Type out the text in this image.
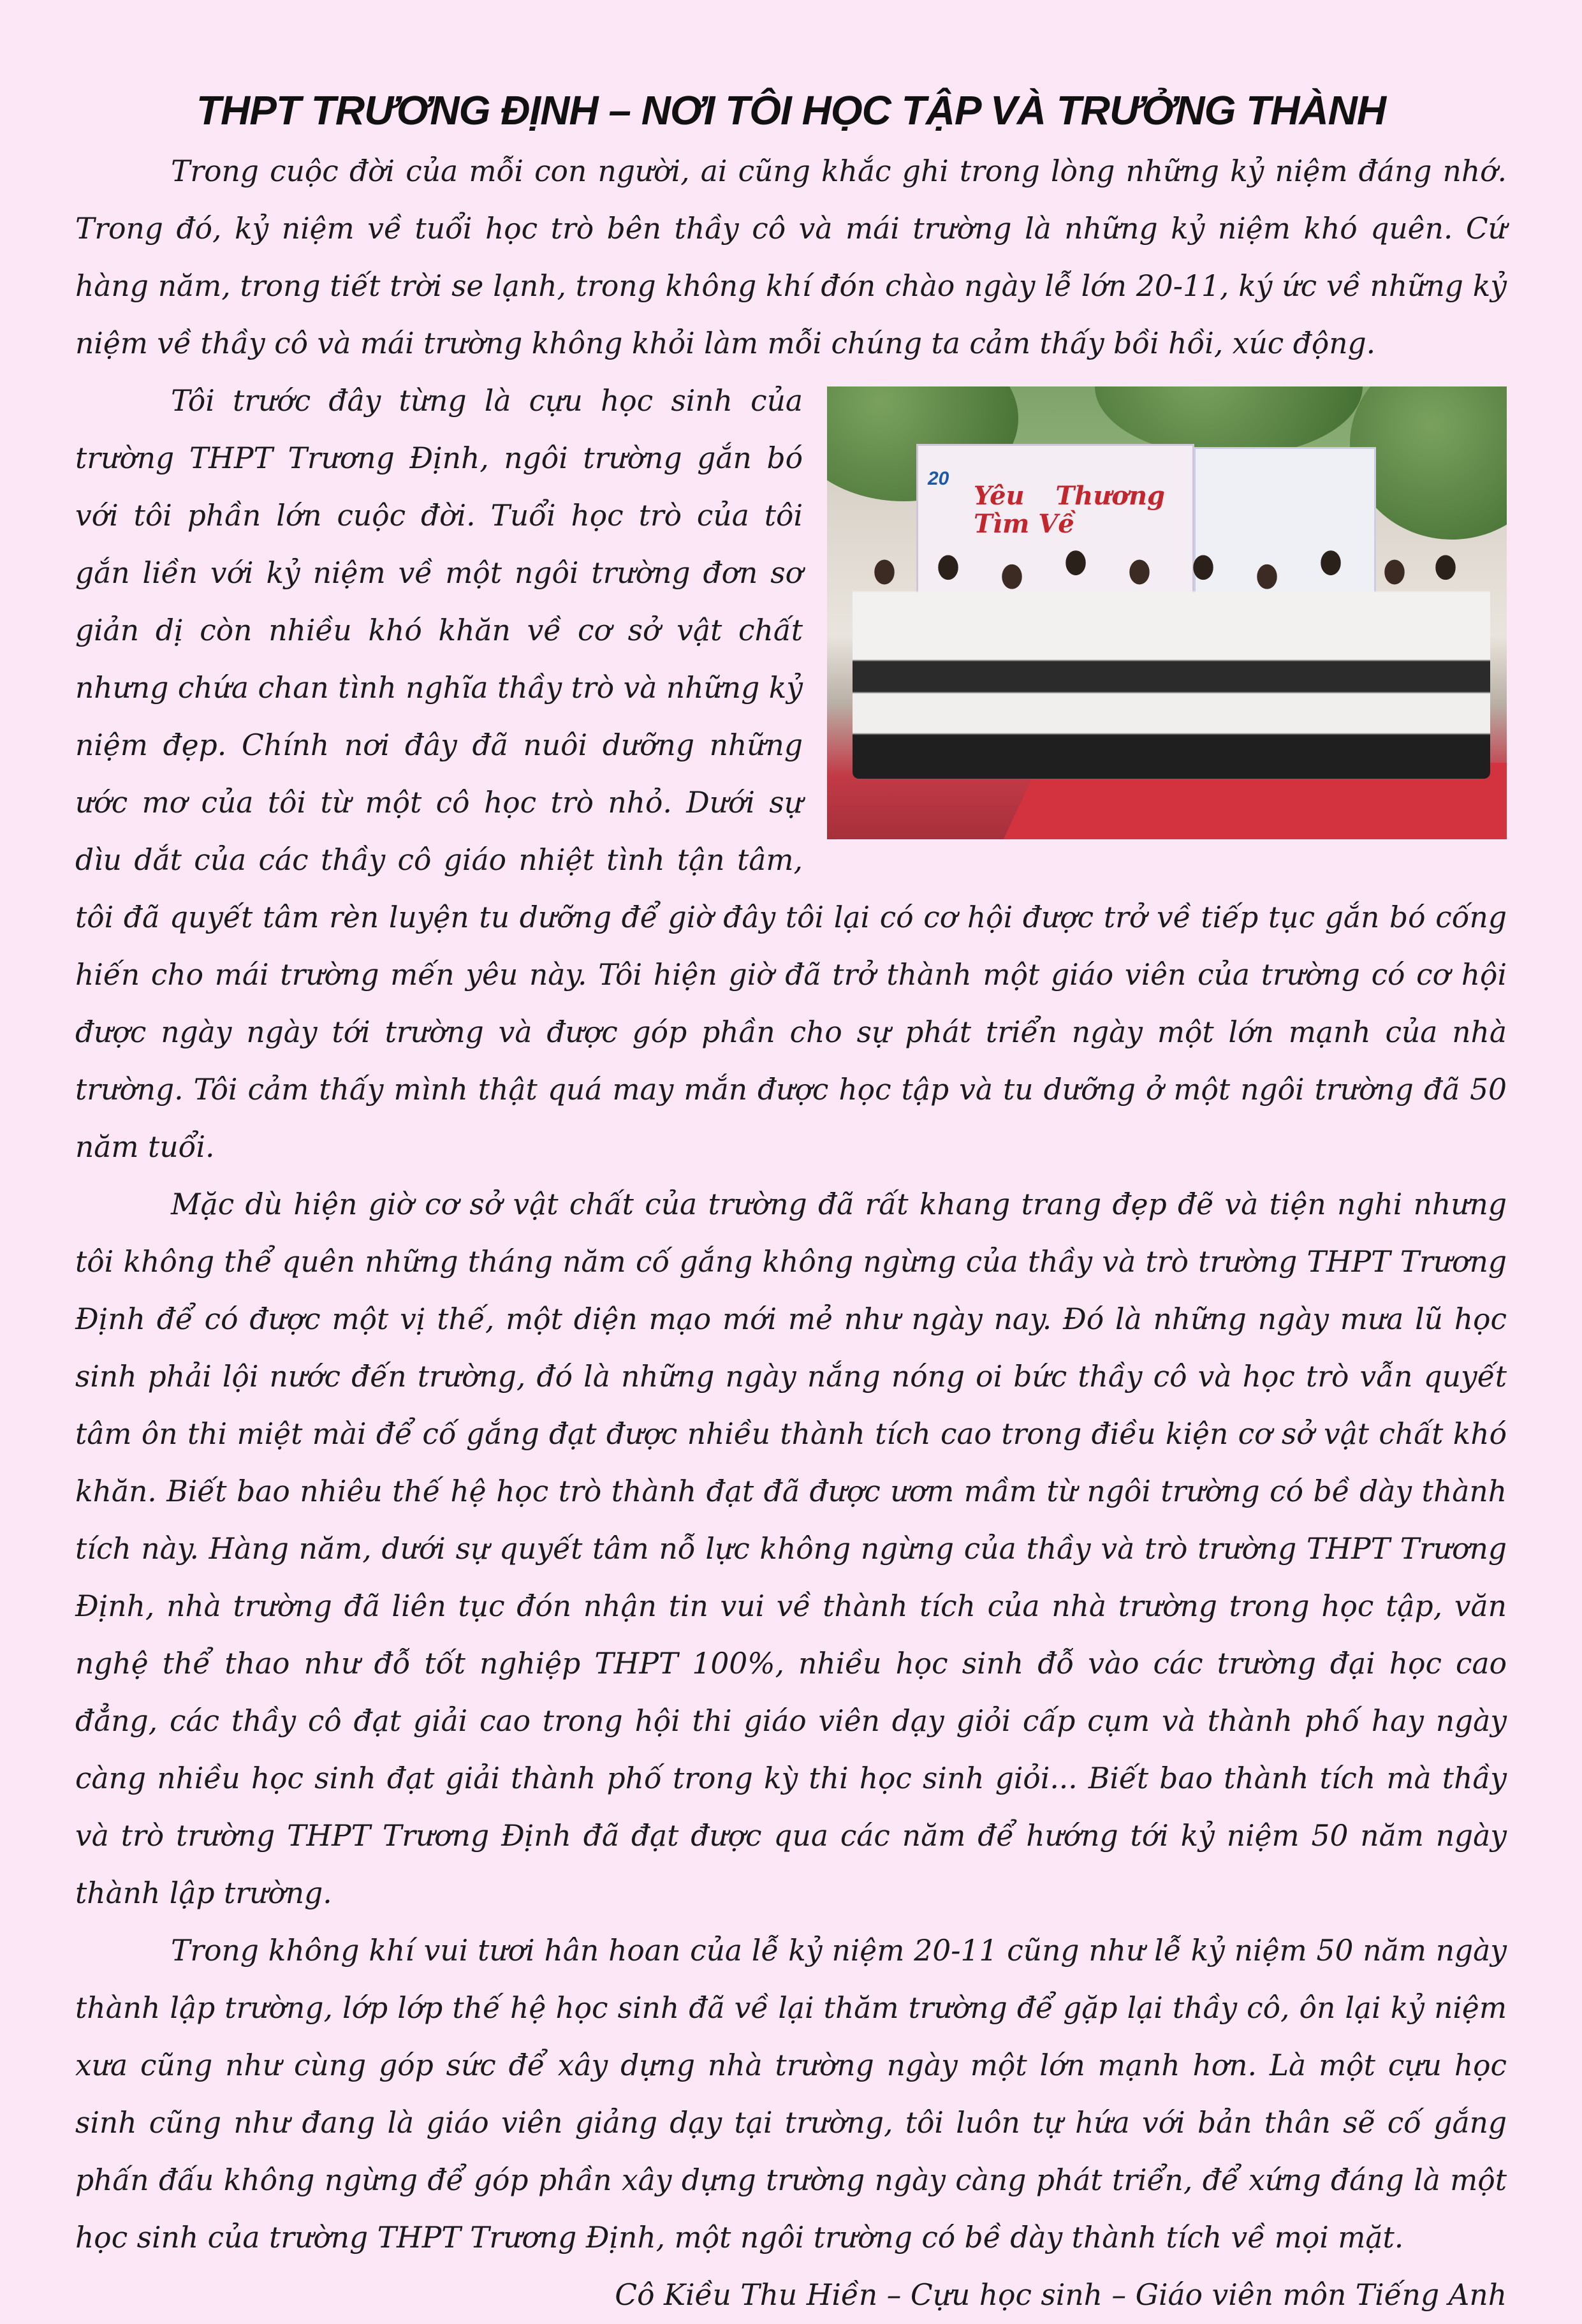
THPT TRƯƠNG ĐỊNH – NƠI TÔI HỌC TẬP VÀ TRƯỞNG THÀNH

Trong cuộc đời của mỗi con người, ai cũng khắc ghi trong lòng những kỷ niệm đáng nhớ. Trong đó, kỷ niệm về tuổi học trò bên thầy cô và mái trường là những kỷ niệm khó quên. Cứ hàng năm, trong tiết trời se lạnh, trong không khí đón chào ngày lễ lớn 20-11, ký ức về những kỷ niệm về thầy cô và mái trường không khỏi làm mỗi chúng ta cảm thấy bồi hồi, xúc động.

20
Yêu Thương Tìm Về

Tôi trước đây từng là cựu học sinh của trường THPT Trương Định, ngôi trường gắn bó với tôi phần lớn cuộc đời. Tuổi học trò của tôi gắn liền với kỷ niệm về một ngôi trường đơn sơ giản dị còn nhiều khó khăn về cơ sở vật chất nhưng chứa chan tình nghĩa thầy trò và những kỷ niệm đẹp. Chính nơi đây đã nuôi dưỡng những ước mơ của tôi từ một cô học trò nhỏ. Dưới sự dìu dắt của các thầy cô giáo nhiệt tình tận tâm, tôi đã quyết tâm rèn luyện tu dưỡng để giờ đây tôi lại có cơ hội được trở về tiếp tục gắn bó cống hiến cho mái trường mến yêu này. Tôi hiện giờ đã trở thành một giáo viên của trường có cơ hội được ngày ngày tới trường và được góp phần cho sự phát triển ngày một lớn mạnh của nhà trường. Tôi cảm thấy mình thật quá may mắn được học tập và tu dưỡng ở một ngôi trường đã 50 năm tuổi.

Mặc dù hiện giờ cơ sở vật chất của trường đã rất khang trang đẹp đẽ và tiện nghi nhưng tôi không thể quên những tháng năm cố gắng không ngừng của thầy và trò trường THPT Trương Định để có được một vị thế, một diện mạo mới mẻ như ngày nay. Đó là những ngày mưa lũ học sinh phải lội nước đến trường, đó là những ngày nắng nóng oi bức thầy cô và học trò vẫn quyết tâm ôn thi miệt mài để cố gắng đạt được nhiều thành tích cao trong điều kiện cơ sở vật chất khó khăn. Biết bao nhiêu thế hệ học trò thành đạt đã được ươm mầm từ ngôi trường có bề dày thành tích này. Hàng năm, dưới sự quyết tâm nỗ lực không ngừng của thầy và trò trường THPT Trương Định, nhà trường đã liên tục đón nhận tin vui về thành tích của nhà trường trong học tập, văn nghệ thể thao như đỗ tốt nghiệp THPT 100%, nhiều học sinh đỗ vào các trường đại học cao đẳng, các thầy cô đạt giải cao trong hội thi giáo viên dạy giỏi cấp cụm và thành phố hay ngày càng nhiều học sinh đạt giải thành phố trong kỳ thi học sinh giỏi... Biết bao thành tích mà thầy và trò trường THPT Trương Định đã đạt được qua các năm để hướng tới kỷ niệm 50 năm ngày thành lập trường.

Trong không khí vui tươi hân hoan của lễ kỷ niệm 20-11 cũng như lễ kỷ niệm 50 năm ngày thành lập trường, lớp lớp thế hệ học sinh đã về lại thăm trường để gặp lại thầy cô, ôn lại kỷ niệm xưa cũng như cùng góp sức để xây dựng nhà trường ngày một lớn mạnh hơn. Là một cựu học sinh cũng như đang là giáo viên giảng dạy tại trường, tôi luôn tự hứa với bản thân sẽ cố gắng phấn đấu không ngừng để góp phần xây dựng trường ngày càng phát triển, để xứng đáng là một học sinh của trường THPT Trương Định, một ngôi trường có bề dày thành tích về mọi mặt.

Cô Kiều Thu Hiền – Cựu học sinh – Giáo viên môn Tiếng Anh
